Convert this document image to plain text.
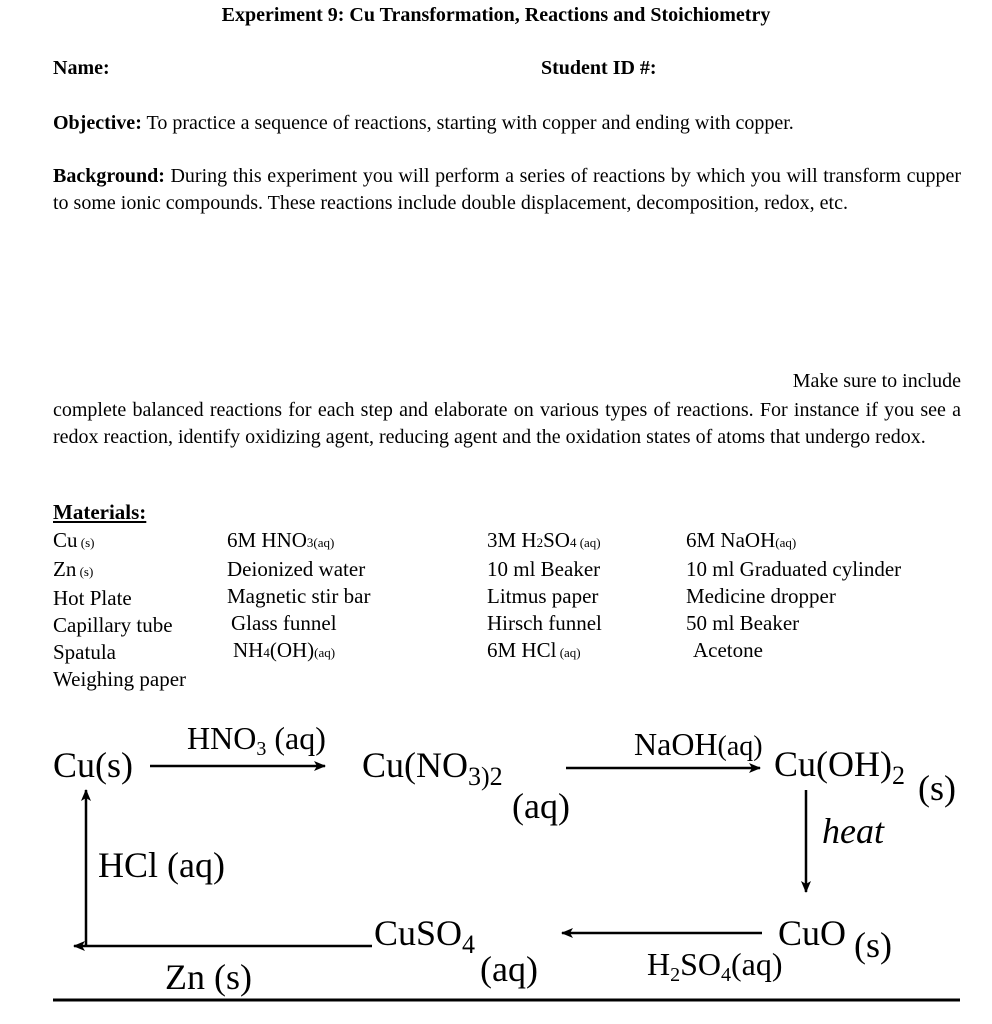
Experiment 9: Cu Transformation, Reactions and Stoichiometry
Name:	Student ID #:
Objective: To practice a sequence of reactions, starting with copper and ending with copper.
Background: During this experiment you will perform a series of reactions by which you will transform cupper to some ionic compounds. These reactions include double displacement, decomposition, redox, etc.
Make sure to include
complete balanced reactions for each step and elaborate on various types of reactions. For instance if you see a redox reaction, identify oxidizing agent, reducing agent and the oxidation states of atoms that undergo redox.
Materials:
Cu (s)
Zn (s)
Hot Plate
Capillary tube
Spatula
Weighing paper
6M HNO3(aq)
Deionized water
Magnetic stir bar
Glass funnel
NH4(OH)(aq)
3M H2SO4 (aq)
10 ml Beaker
Litmus paper
Hirsch funnel
6M HCl (aq)
6M NaOH(aq)
10 ml Graduated cylinder
Medicine dropper
50 ml Beaker
Acetone
Cu(s)
HNO3 (aq)
$Cu(NO_{3)2}$
(aq)
NaOH(aq) $Cu(OH)_2$ (s)
heat
CuO (s)
H2SO4(aq)
CuSO$_4$
(aq)
Zn (s)
HCl (aq)
